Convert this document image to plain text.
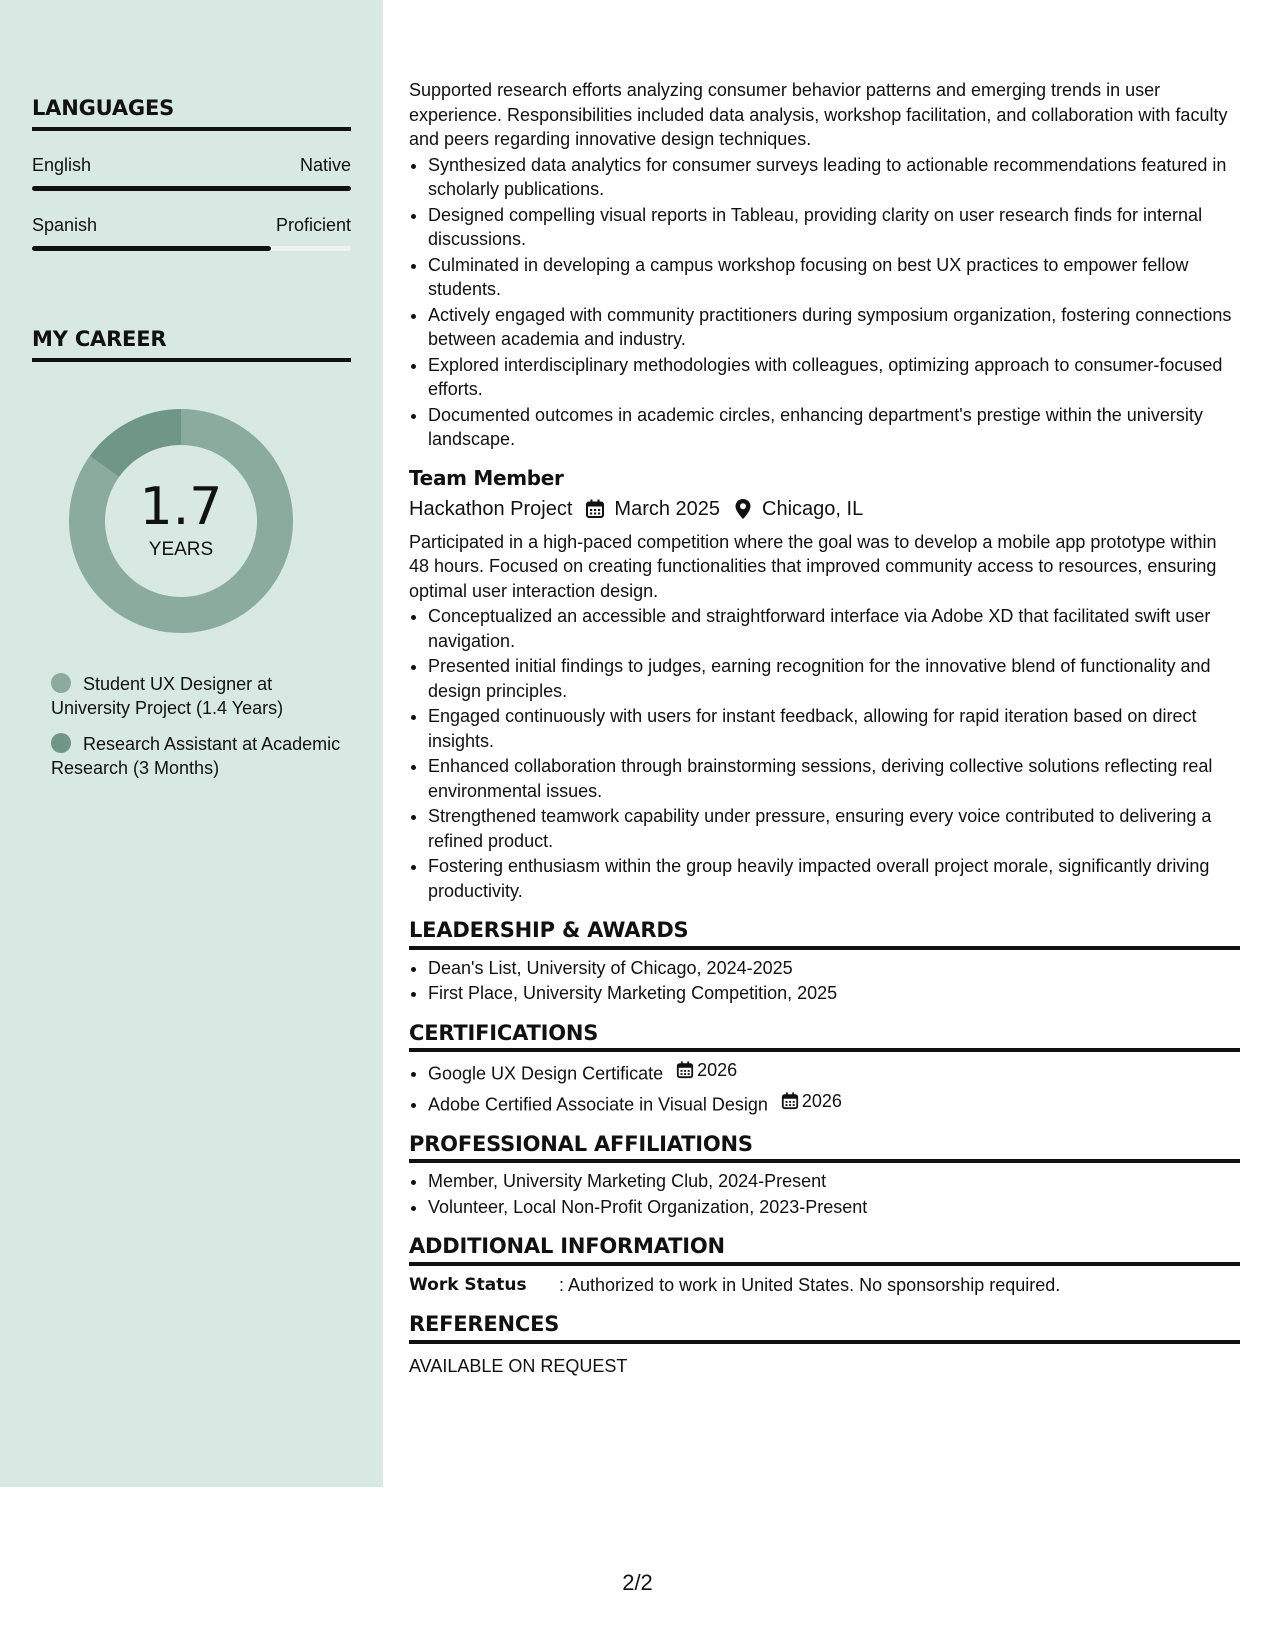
LANGUAGES
English	Native
Spanish	Proficient
MY CAREER
1.7
YEARS
Student UX Designer at University Project (1.4 Years)
Research Assistant at Academic Research (3 Months)

Supported research efforts analyzing consumer behavior patterns and emerging trends in user experience. Responsibilities included data analysis, workshop facilitation, and collaboration with faculty and peers regarding innovative design techniques.

• Synthesized data analytics for consumer surveys leading to actionable recommendations featured in scholarly publications.
• Designed compelling visual reports in Tableau, providing clarity on user research finds for internal discussions.
• Culminated in developing a campus workshop focusing on best UX practices to empower fellow students.
• Actively engaged with community practitioners during symposium organization, fostering connections between academia and industry.
• Explored interdisciplinary methodologies with colleagues, optimizing approach to consumer-focused efforts.
• Documented outcomes in academic circles, enhancing department's prestige within the university landscape.
Team Member
Hackathon Project March 2025 Chicago, IL

Participated in a high-paced competition where the goal was to develop a mobile app prototype within 48 hours. Focused on creating functionalities that improved community access to resources, ensuring optimal user interaction design.

• Conceptualized an accessible and straightforward interface via Adobe XD that facilitated swift user navigation.
• Presented initial findings to judges, earning recognition for the innovative blend of functionality and design principles.
• Engaged continuously with users for instant feedback, allowing for rapid iteration based on direct insights.
• Enhanced collaboration through brainstorming sessions, deriving collective solutions reflecting real environmental issues.
• Strengthened teamwork capability under pressure, ensuring every voice contributed to delivering a refined product.
• Fostering enthusiasm within the group heavily impacted overall project morale, significantly driving productivity.
LEADERSHIP & AWARDS
• Dean's List, University of Chicago, 2024-2025
• First Place, University Marketing Competition, 2025
CERTIFICATIONS
• Google UX Design Certificate 2026
• Adobe Certified Associate in Visual Design 2026
PROFESSIONAL AFFILIATIONS
• Member, University Marketing Club, 2024-Present
• Volunteer, Local Non-Profit Organization, 2023-Present
ADDITIONAL INFORMATION
Work Status	: Authorized to work in United States. No sponsorship required.
REFERENCES

AVAILABLE ON REQUEST

2/2
